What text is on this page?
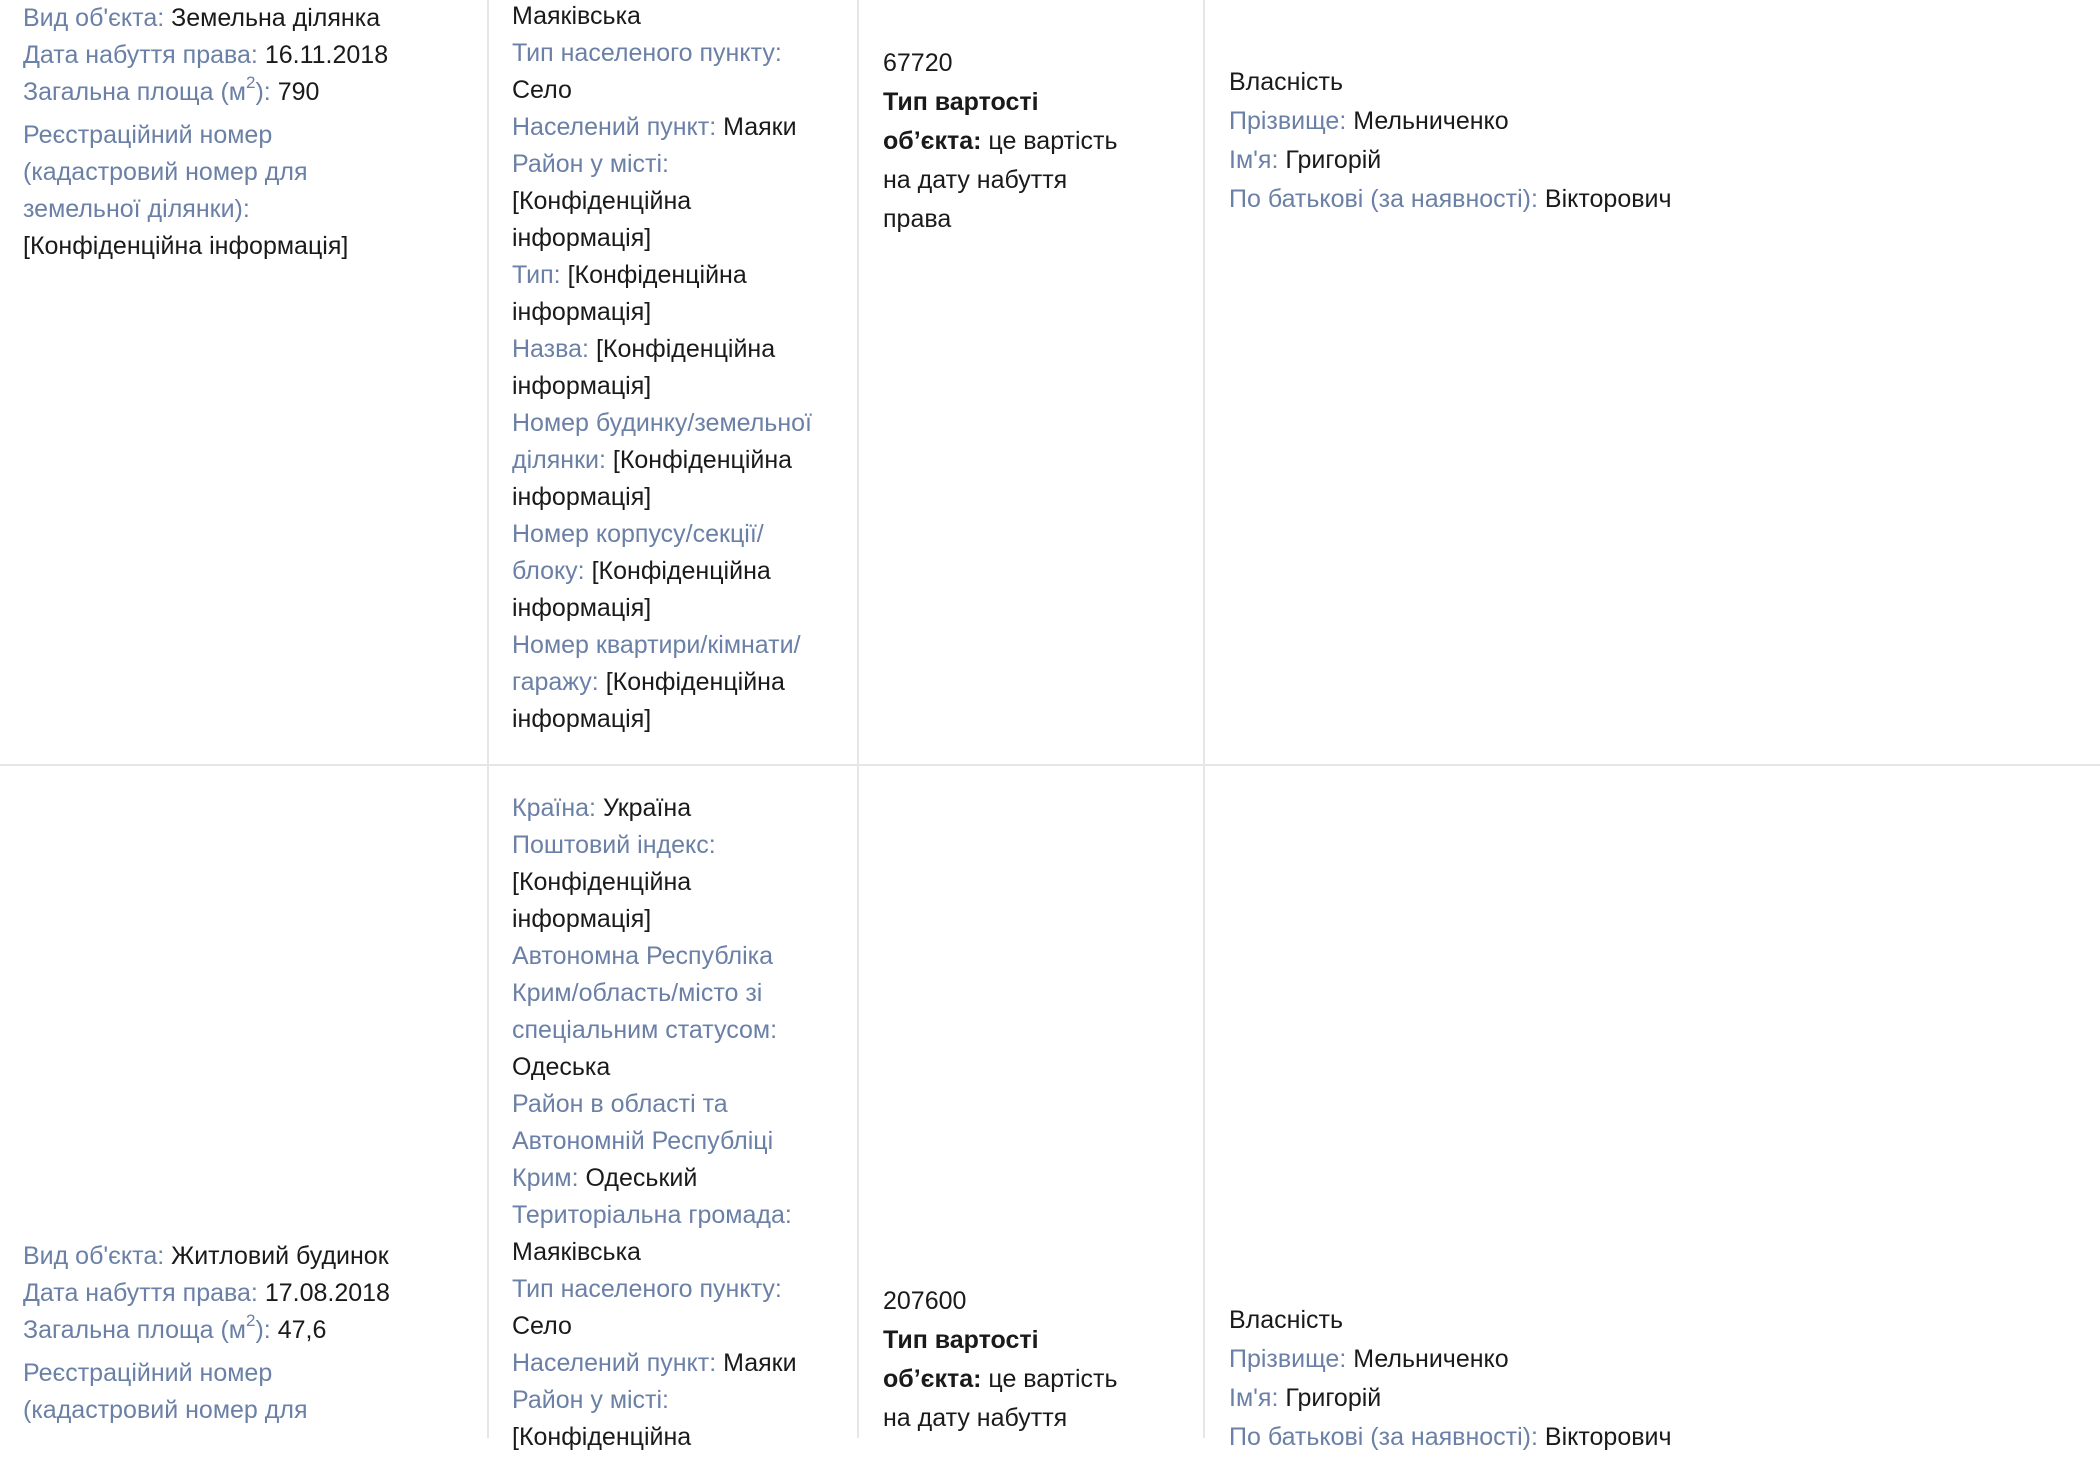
Вид об'єкта: Земельна ділянка
Дата набуття права: 16.11.2018
Загальна площа $(м^2)$: 790
Реєстраційний номер
(кадастровий номер для
земельної ділянки):
[Конфіденційна інформація]
Маяківська
Тип населеного пункту:
Село
Населений пункт: Маяки
Район у місті:
[Конфіденційна
інформація]
Тип: [Конфіденційна
інформація]
Назва: [Конфіденційна
інформація]
Номер будинку/земельної
ділянки: [Конфіденційна
інформація]
Номер корпусу/секції/
блоку: [Конфіденційна
інформація]
Номер квартири/кімнати/
гаражу: [Конфіденційна
інформація]
67720
Тип вартості
об’єкта: це вартість
на дату набуття
права
Власність
Прізвище: Мельниченко
Ім'я: Григорій
По батькові (за наявності): Вікторович
Вид об'єкта: Житловий будинок
Дата набуття права: 17.08.2018
Загальна площа $(м^2)$: 47,6
Реєстраційний номер
(кадастровий номер для
Країна: Україна
Поштовий індекс:
[Конфіденційна
інформація]
Автономна Республіка
Крим/область/місто зі
спеціальним статусом:
Одеська
Район в області та
Автономній Республіці
Крим: Одеський
Територіальна громада:
Маяківська
Тип населеного пункту:
Село
Населений пункт: Маяки
Район у місті:
[Конфіденційна
207600
Тип вартості
об’єкта: це вартість
на дату набуття
Власність
Прізвище: Мельниченко
Ім'я: Григорій
По батькові (за наявності): Вікторович
